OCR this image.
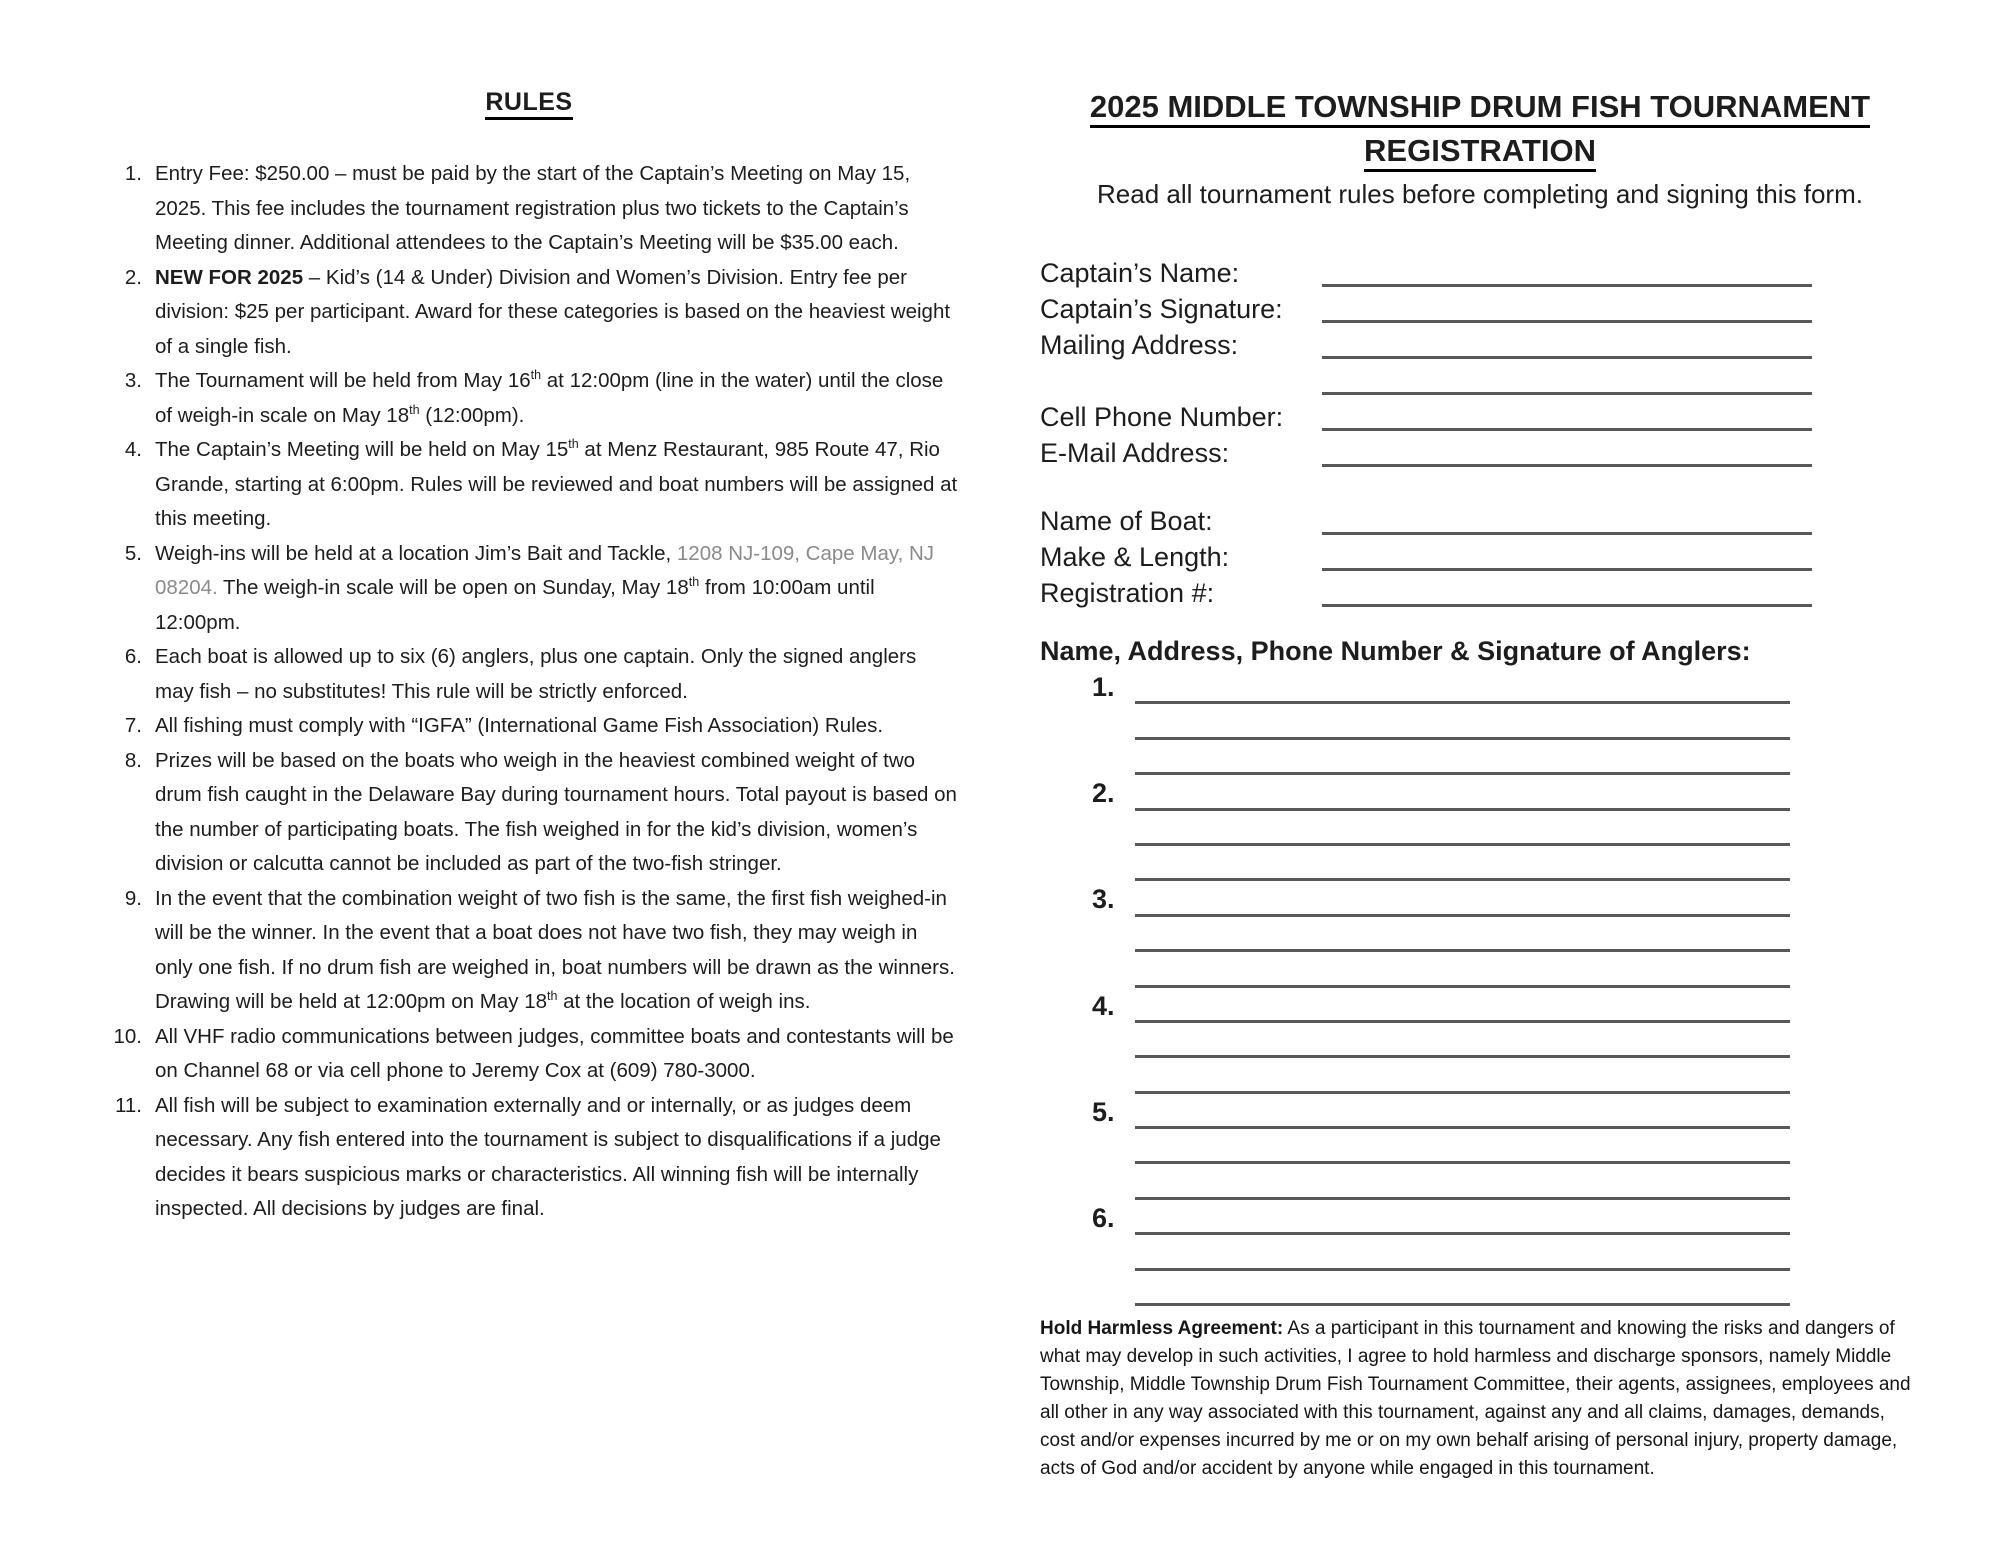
RULES
1. Entry Fee: $250.00 – must be paid by the start of the Captain’s Meeting on May 15, 2025. This fee includes the tournament registration plus two tickets to the Captain’s Meeting dinner. Additional attendees to the Captain’s Meeting will be $35.00 each.
2. NEW FOR 2025 – Kid’s (14 & Under) Division and Women’s Division. Entry fee per division: $25 per participant. Award for these categories is based on the heaviest weight of a single fish.
3. The Tournament will be held from May 16th at 12:00pm (line in the water) until the close of weigh-in scale on May 18th (12:00pm).
4. The Captain’s Meeting will be held on May 15th at Menz Restaurant, 985 Route 47, Rio Grande, starting at 6:00pm. Rules will be reviewed and boat numbers will be assigned at this meeting.
5. Weigh-ins will be held at a location Jim’s Bait and Tackle, 1208 NJ-109, Cape May, NJ 08204. The weigh-in scale will be open on Sunday, May 18th from 10:00am until 12:00pm.
6. Each boat is allowed up to six (6) anglers, plus one captain. Only the signed anglers may fish – no substitutes! This rule will be strictly enforced.
7. All fishing must comply with “IGFA” (International Game Fish Association) Rules.
8. Prizes will be based on the boats who weigh in the heaviest combined weight of two drum fish caught in the Delaware Bay during tournament hours. Total payout is based on the number of participating boats. The fish weighed in for the kid’s division, women’s division or calcutta cannot be included as part of the two-fish stringer.
9. In the event that the combination weight of two fish is the same, the first fish weighed-in will be the winner. In the event that a boat does not have two fish, they may weigh in only one fish. If no drum fish are weighed in, boat numbers will be drawn as the winners. Drawing will be held at 12:00pm on May 18th at the location of weigh ins.
10. All VHF radio communications between judges, committee boats and contestants will be on Channel 68 or via cell phone to Jeremy Cox at (609) 780-3000.
11. All fish will be subject to examination externally and or internally, or as judges deem necessary. Any fish entered into the tournament is subject to disqualifications if a judge decides it bears suspicious marks or characteristics. All winning fish will be internally inspected. All decisions by judges are final.
2025 MIDDLE TOWNSHIP DRUM FISH TOURNAMENT
REGISTRATION
Read all tournament rules before completing and signing this form.
Captain’s Name:
Captain’s Signature:
Mailing Address:
Cell Phone Number:
E-Mail Address:
Name of Boat:
Make & Length:
Registration #:
Name, Address, Phone Number & Signature of Anglers:
1.
2.
3.
4.
5.
6.
Hold Harmless Agreement: As a participant in this tournament and knowing the risks and dangers of what may develop in such activities, I agree to hold harmless and discharge sponsors, namely Middle Township, Middle Township Drum Fish Tournament Committee, their agents, assignees, employees and all other in any way associated with this tournament, against any and all claims, damages, demands, cost and/or expenses incurred by me or on my own behalf arising of personal injury, property damage, acts of God and/or accident by anyone while engaged in this tournament.
